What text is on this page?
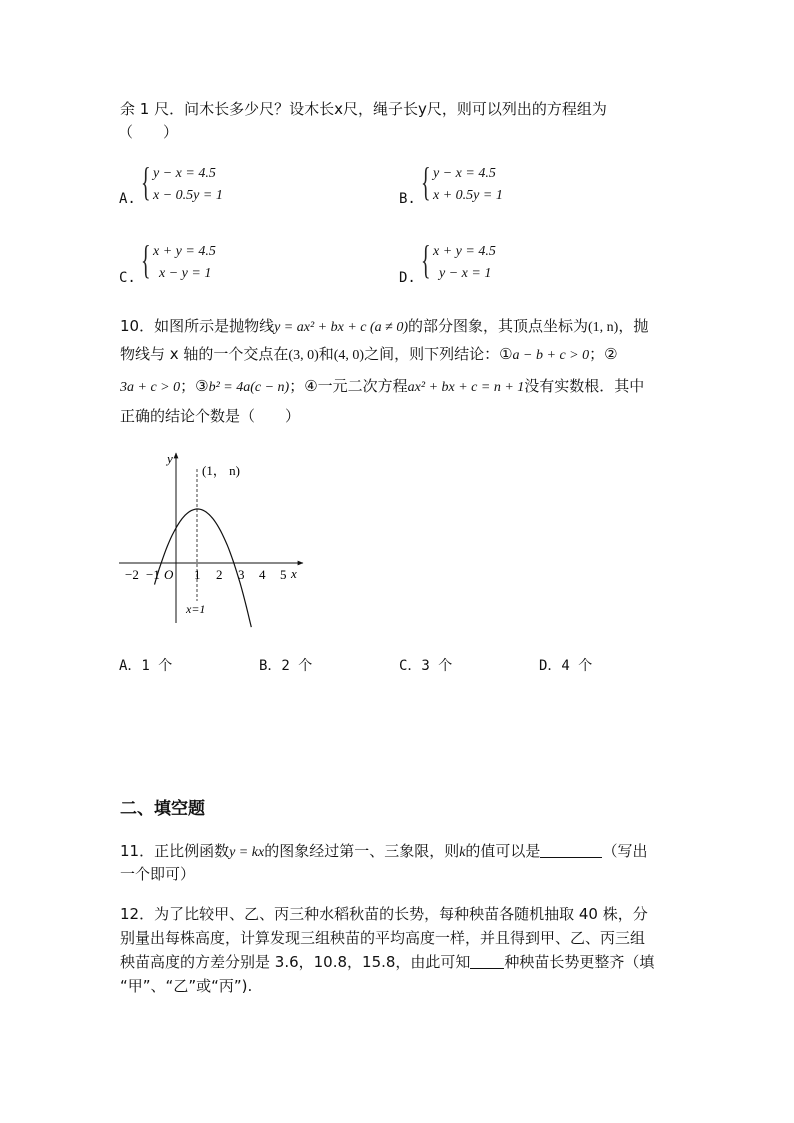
余 1 尺．问木长多少尺？设木长x尺，绳子长y尺，则可以列出的方程组为
（　　）
A. { y − x = 4.5
x − 0.5y = 1	B. { y − x = 4.5
x + 0.5y = 1
C. { x + y = 4.5
x − y = 1	D. { x + y = 4.5
y − x = 1
10．如图所示是抛物线y = ax² + bx + c (a ≠ 0)的部分图象，其顶点坐标为(1, n)，抛
物线与 x 轴的一个交点在(3, 0)和(4, 0)之间，则下列结论：①a − b + c > 0；②
3a + c > 0；③b² = 4a(c − n)；④一元二次方程ax² + bx + c = n + 1没有实数根．其中
正确的结论个数是（　　）
y
x
(1， n)
x=1
O
−2 −1	1 2 3 4 5
A．1 个	B．2 个	C．3 个	D．4 个
二、填空题
11．正比例函数y = kx的图象经过第一、三象限，则k的值可以是	（写出
一个即可）
12．为了比较甲、乙、丙三种水稻秋苗的长势，每种秧苗各随机抽取 40 株，分
别量出每株高度，计算发现三组秧苗的平均高度一样，并且得到甲、乙、丙三组
秧苗高度的方差分别是 3.6，10.8，15.8，由此可知 种秧苗长势更整齐（填
“甲”、“乙”或“丙”).
